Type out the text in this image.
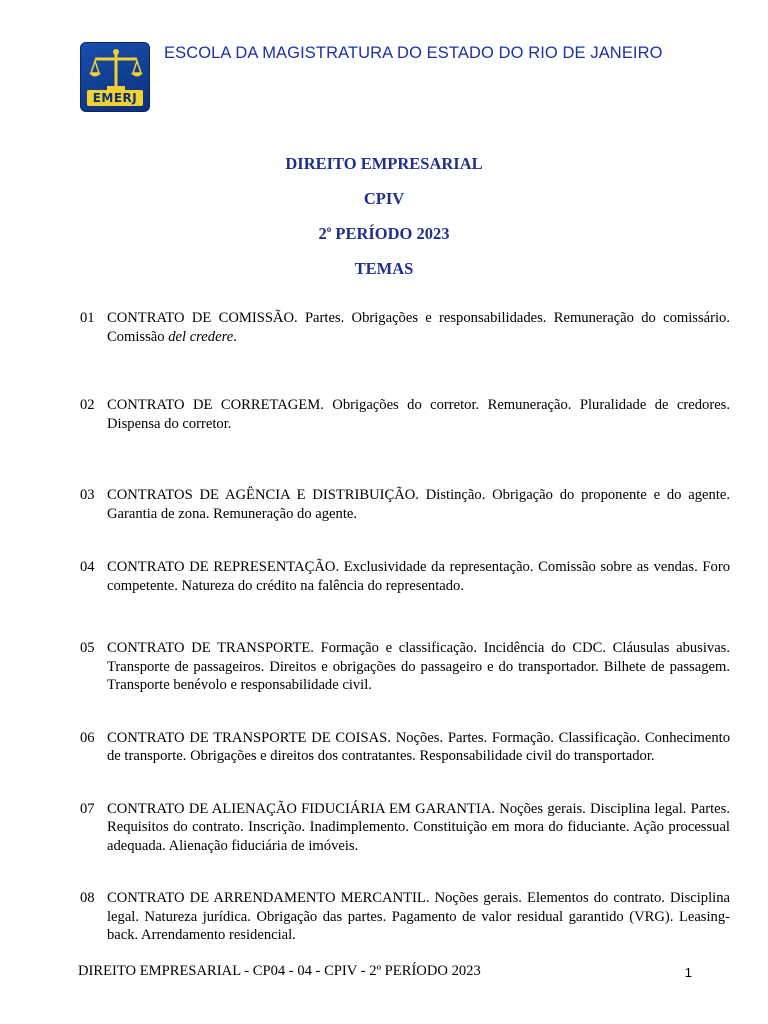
EMERJ
ESCOLA DA MAGISTRATURA DO ESTADO DO RIO DE JANEIRO
DIREITO EMPRESARIAL
CPIV
2$^o$ PERÍODO 2023
TEMAS
01 CONTRATO DE COMISSÃO. Partes. Obrigações e responsabilidades. Remuneração do comissário. Comissão del credere.
02 CONTRATO DE CORRETAGEM. Obrigações do corretor. Remuneração. Pluralidade de credores. Dispensa do corretor.
03 CONTRATOS DE AGÊNCIA E DISTRIBUIÇÃO. Distinção. Obrigação do proponente e do agente. Garantia de zona. Remuneração do agente.
04 CONTRATO DE REPRESENTAÇÃO. Exclusividade da representação. Comissão sobre as vendas. Foro competente. Natureza do crédito na falência do representado.
05 CONTRATO DE TRANSPORTE. Formação e classificação. Incidência do CDC. Cláusulas abusivas. Transporte de passageiros. Direitos e obrigações do passageiro e do transportador. Bilhete de passagem. Transporte benévolo e responsabilidade civil.
06 CONTRATO DE TRANSPORTE DE COISAS. Noções. Partes. Formação. Classificação. Conhecimento de transporte. Obrigações e direitos dos contratantes. Responsabilidade civil do transportador.
07 CONTRATO DE ALIENAÇÃO FIDUCIÁRIA EM GARANTIA. Noções gerais. Disciplina legal. Partes. Requisitos do contrato. Inscrição. Inadimplemento. Constituição em mora do fiduciante. Ação processual adequada. Alienação fiduciária de imóveis.
08 CONTRATO DE ARRENDAMENTO MERCANTIL. Noções gerais. Elementos do contrato. Disciplina legal. Natureza jurídica. Obrigação das partes. Pagamento de valor residual garantido (VRG). Leasing-back. Arrendamento residencial.
DIREITO EMPRESARIAL - CP04 - 04 - CPIV - 2º PERÍODO 2023	1
